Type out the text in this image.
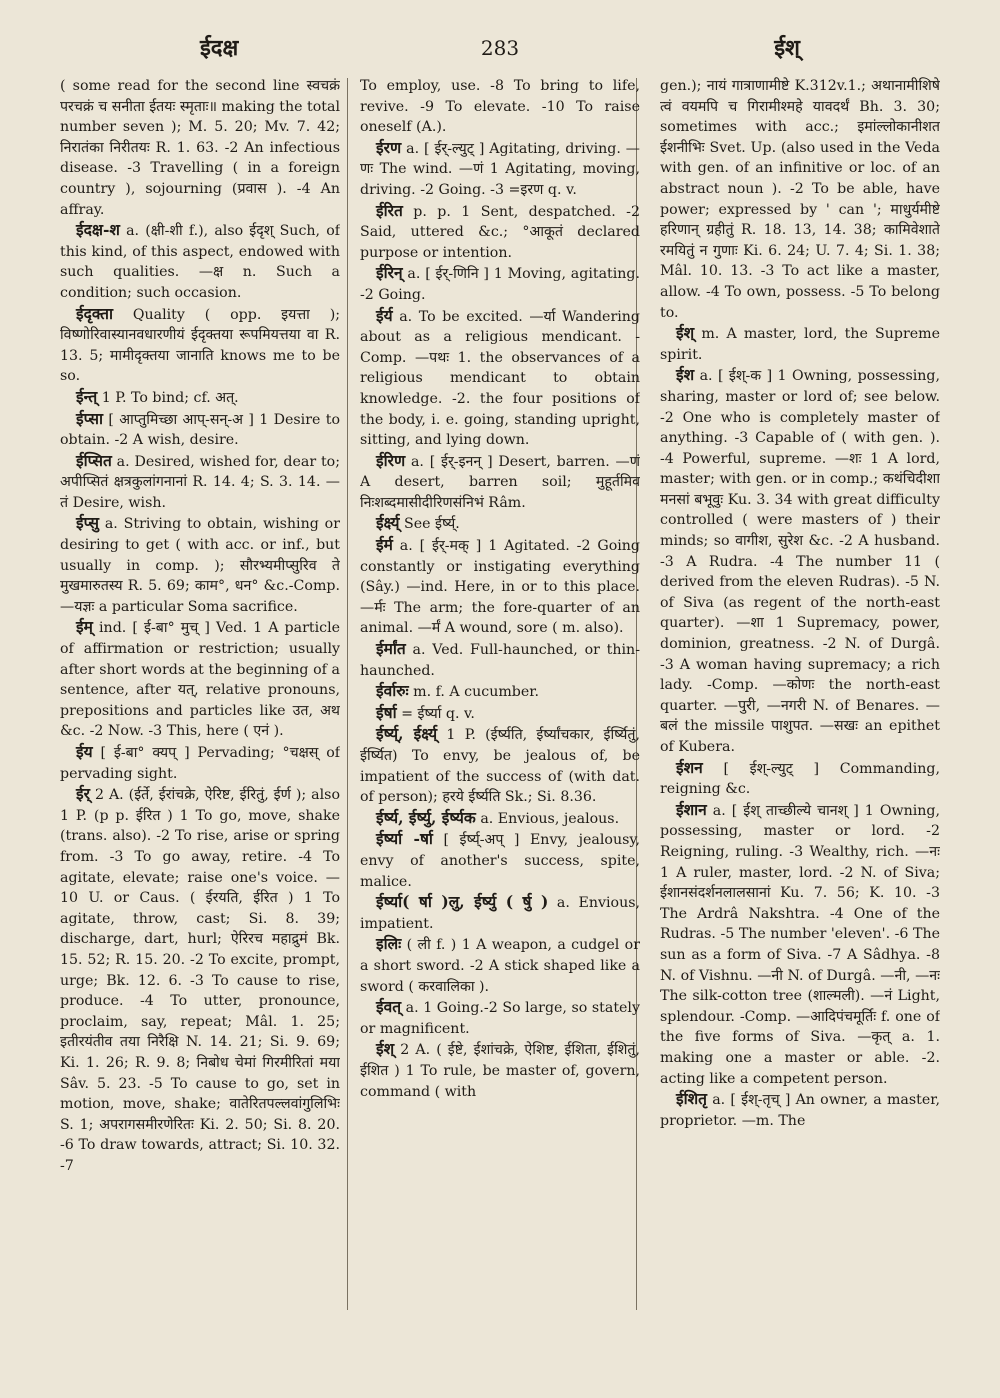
ईदक्ष	283	ईश्

( some read for the second line स्वचक्रं परचक्रं च सनीता ईतयः स्मृताः॥ making the total number seven ); M. 5. 20; Mv. 7. 42; निरातंका निरीतयः R. 1. 63. -2 An infectious disease. -3 Travelling ( in a foreign country ), sojourning (प्रवास ). -4 An affray.

ईदक्ष-श a. (क्षी-शी f.), also ईदृश् Such, of this kind, of this aspect, endowed with such qualities. —क्ष n. Such a condition; such occasion.

ईदृक्ता Quality ( opp. इयत्ता ); विष्णोरिवास्यानवधारणीयं ईदृक्तया रूपमियत्तया वा R. 13. 5; मामीदृक्तया जानाति knows me to be so.

ईन्त् 1 P. To bind; cf. अत्.

ईप्सा [ आप्तुमिच्छा आप्-सन्-अ ] 1 Desire to obtain. -2 A wish, desire.

ईप्सित a. Desired, wished for, dear to; अपीप्सितं क्षत्रकुलांगनानां R. 14. 4; S. 3. 14. —तं Desire, wish.

ईप्सु a. Striving to obtain, wishing or desiring to get ( with acc. or inf., but usually in comp. ); सौरभ्यमीप्सुरिव ते मुखमारुतस्य R. 5. 69; काम°, धन° &c.-Comp. —यज्ञः a particular Soma sacrifice.

ईम् ind. [ ई-बा° मुच् ] Ved. 1 A particle of affirmation or restriction; usually after short words at the beginning of a sentence, after यत्, relative pronouns, prepositions and particles like उत, अथ &c. -2 Now. -3 This, here ( एनं ).

ईय [ ई-बा° क्यप् ] Pervading; °चक्षस् of pervading sight.

ईर् 2 A. (ईर्ते, ईरांचक्रे, ऐरिष्ट, ईरितुं, ईर्ण ); also 1 P. (p p. ईरित ) 1 To go, move, shake (trans. also). -2 To rise, arise or spring from. -3 To go away, retire. -4 To agitate, elevate; raise one's voice. —10 U. or Caus. ( ईरयति, ईरित ) 1 To agitate, throw, cast; Si. 8. 39; discharge, dart, hurl; ऐरिरच महाद्रुमं Bk. 15. 52; R. 15. 20. -2 To excite, prompt, urge; Bk. 12. 6. -3 To cause to rise, produce. -4 To utter, pronounce, proclaim, say, repeat; Mâl. 1. 25; इतीरयंतीव तया निरैक्षि N. 14. 21; Si. 9. 69; Ki. 1. 26; R. 9. 8; निबोध चेमां गिरमीरितां मया Sâv. 5. 23. -5 To cause to go, set in motion, move, shake; वातेरितपल्लवांगुलिभिः S. 1; अपरागसमीरणेरितः Ki. 2. 50; Si. 8. 20. -6 To draw towards, attract; Si. 10. 32. -7

To employ, use. -8 To bring to life, revive. -9 To elevate. -10 To raise oneself (A.).

ईरण a. [ ईर्-ल्युट् ] Agitating, driving. —णः The wind. —णं 1 Agitating, moving, driving. -2 Going. -3 =इरण q. v.

ईरित p. p. 1 Sent, despatched. -2 Said, uttered &c.; °आकूतं declared purpose or intention.

ईरिन् a. [ ईर्-णिनि ] 1 Moving, agitating. -2 Going.

ईर्य a. To be excited. —र्या Wandering about as a religious mendicant. -Comp. —पथः 1. the observances of a religious mendicant to obtain knowledge. -2. the four positions of the body, i. e. going, standing upright, sitting, and lying down.

ईरिण a. [ ईर्-इनन् ] Desert, barren. —णं A desert, barren soil; मुहूर्तमिव निःशब्दमासीदीरिणसंनिभं Râm.

ईर्क्ष्य् See ईर्ष्य्.

ईर्म a. [ ईर्-मक् ] 1 Agitated. -2 Going constantly or instigating everything (Sây.) —ind. Here, in or to this place. —र्मः The arm; the fore-quarter of an animal. —र्मं A wound, sore ( m. also).

ईर्मांत a. Ved. Full-haunched, or thin-haunched.

ईर्वारुः m. f. A cucumber.

ईर्षा = ईर्ष्या q. v.

ईर्ष्य्, ईर्क्ष्य् 1 P. (ईर्ष्यति, ईर्ष्यांचकार, ईर्ष्यितुं, ईर्ष्यित) To envy, be jealous of, be impatient of the success of (with dat. of person); हरये ईर्ष्यति Sk.; Si. 8.36.

ईर्ष्य, ईर्ष्यु, ईर्ष्यक a. Envious, jealous.

ईर्ष्या -र्षा [ ईर्ष्य्-अप् ] Envy, jealousy, envy of another's success, spite, malice.

ईर्ष्या( र्षा )लु, ईर्ष्यु ( र्षु ) a. Envious, impatient.

इलिः ( ली f. ) 1 A weapon, a cudgel or a short sword. -2 A stick shaped like a sword ( करवालिका ).

ईवत् a. 1 Going.-2 So large, so stately or magnificent.

ईश् 2 A. ( ईष्टे, ईशांचक्रे, ऐशिष्ट, ईशिता, ईशितुं, ईशित ) 1 To rule, be master of, govern, command ( with

gen.); नायं गात्राणामीष्टे K.312v.1.; अथानामीशिषे त्वं वयमपि च गिरामीश्महे यावदर्थं Bh. 3. 30; sometimes with acc.; इमांल्लोकानीशत ईशनीभिः Svet. Up. (also used in the Veda with gen. of an infinitive or loc. of an abstract noun ). -2 To be able, have power; expressed by ' can '; माधुर्यमीष्टे हरिणान् ग्रहीतुं R. 18. 13, 14. 38; कामिवेशाते रमयितुं न गुणाः Ki. 6. 24; U. 7. 4; Si. 1. 38; Mâl. 10. 13. -3 To act like a master, allow. -4 To own, possess. -5 To belong to.

ईश् m. A master, lord, the Supreme spirit.

ईश a. [ ईश्-क ] 1 Owning, possessing, sharing, master or lord of; see below. -2 One who is completely master of anything. -3 Capable of ( with gen. ). -4 Powerful, supreme. —शः 1 A lord, master; with gen. or in comp.; कथंचिदीशा मनसां बभूवुः Ku. 3. 34 with great difficulty controlled ( were masters of ) their minds; so वागीश, सुरेश &c. -2 A husband. -3 A Rudra. -4 The number 11 ( derived from the eleven Rudras). -5 N. of Siva (as regent of the north-east quarter). —शा 1 Supremacy, power, dominion, greatness. -2 N. of Durgâ. -3 A woman having supremacy; a rich lady. -Comp. —कोणः the north-east quarter. —पुरी, —नगरी N. of Benares. —बलं the missile पाशुपत. —सखः an epithet of Kubera.

ईशन [ ईश्-ल्युट् ] Commanding, reigning &c.

ईशान a. [ ईश् ताच्छील्ये चानश् ] 1 Owning, possessing, master or lord. -2 Reigning, ruling. -3 Wealthy, rich. —नः 1 A ruler, master, lord. -2 N. of Siva; ईशानसंदर्शनलालसानां Ku. 7. 56; K. 10. -3 The Ardrâ Nakshtra. -4 One of the Rudras. -5 The number 'eleven'. -6 The sun as a form of Siva. -7 A Sâdhya. -8 N. of Vishnu. —नी N. of Durgâ. —नी, —नः The silk-cotton tree (शाल्मली). —नं Light, splendour. -Comp. —आदिपंचमूर्तिः f. one of the five forms of Siva. —कृत् a. 1. making one a master or able. -2. acting like a competent person.

ईशितृ a. [ ईश्-तृच् ] An owner, a master, proprietor. —m. The
